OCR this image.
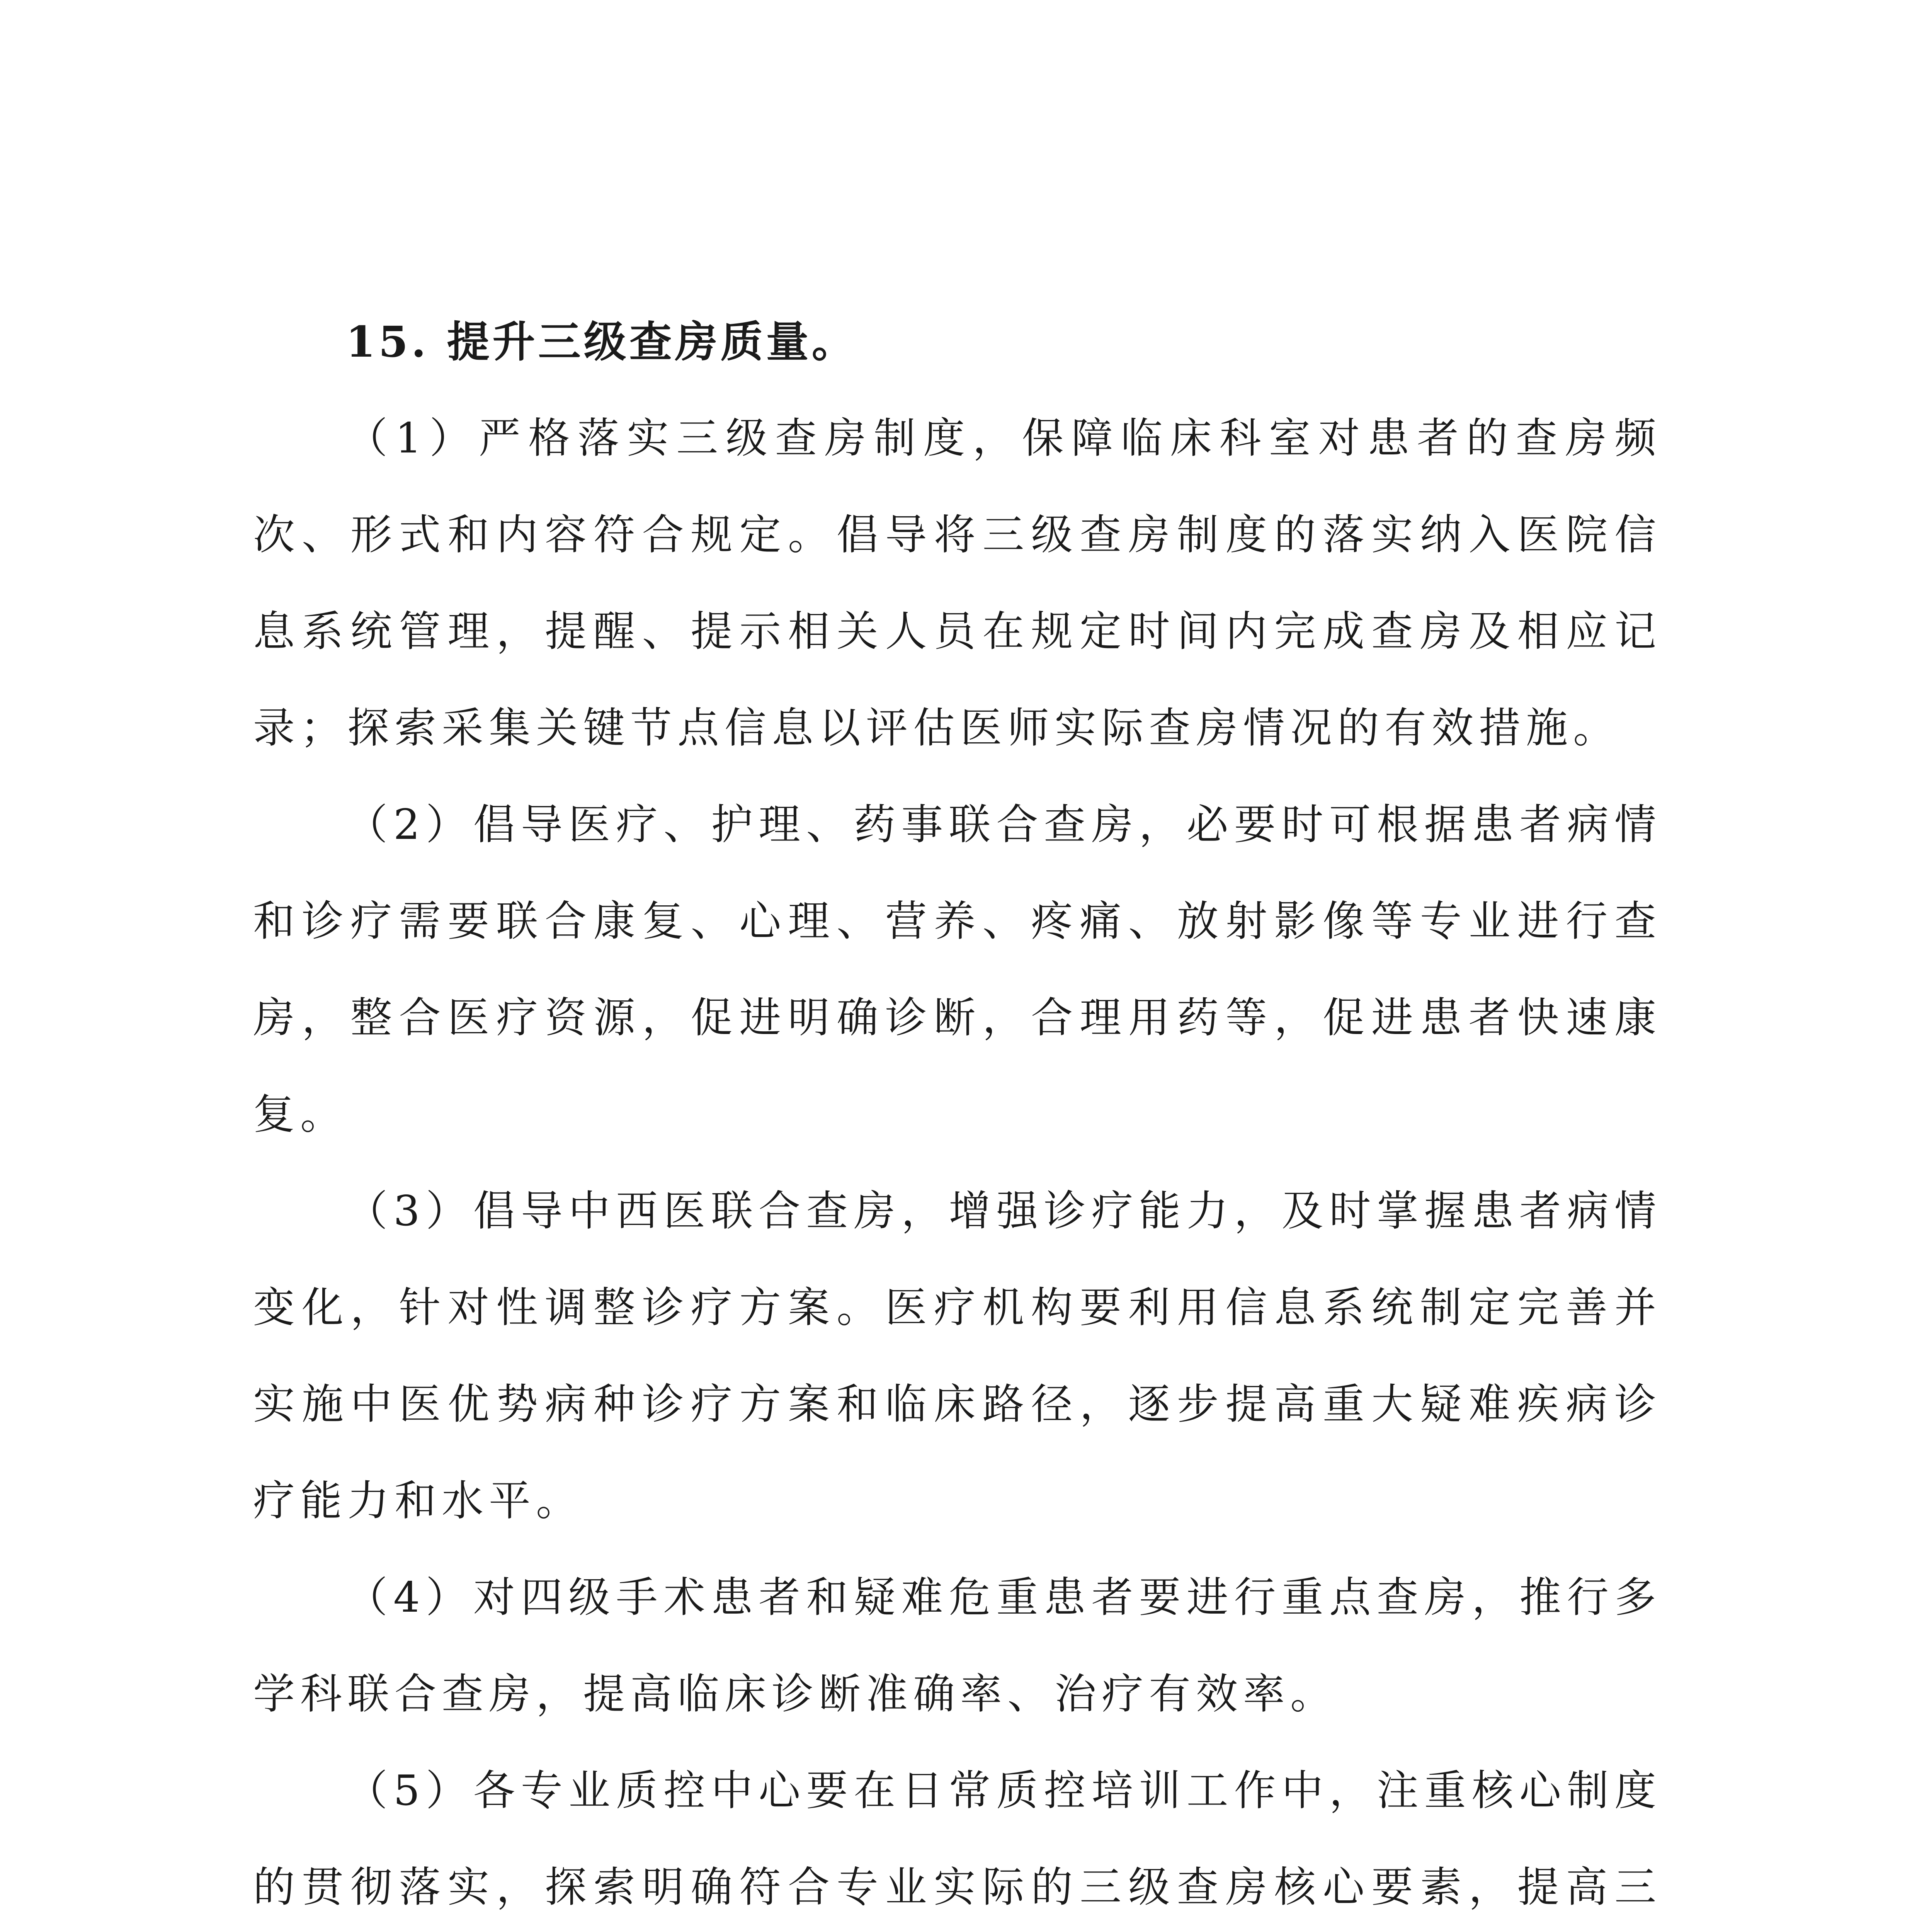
15. 提升三级查房质量。

（1）严格落实三级查房制度，保障临床科室对患者的查房频次、形式和内容符合规定。倡导将三级查房制度的落实纳入医院信息系统管理，提醒、提示相关人员在规定时间内完成查房及相应记录；探索采集关键节点信息以评估医师实际查房情况的有效措施。

（2）倡导医疗、护理、药事联合查房，必要时可根据患者病情和诊疗需要联合康复、心理、营养、疼痛、放射影像等专业进行查房，整合医疗资源，促进明确诊断，合理用药等，促进患者快速康复。

（3）倡导中西医联合查房，增强诊疗能力，及时掌握患者病情变化，针对性调整诊疗方案。医疗机构要利用信息系统制定完善并实施中医优势病种诊疗方案和临床路径，逐步提高重大疑难疾病诊疗能力和水平。

（4）对四级手术患者和疑难危重患者要进行重点查房，推行多学科联合查房，提高临床诊断准确率、治疗有效率。

（5）各专业质控中心要在日常质控培训工作中，注重核心制度的贯彻落实，探索明确符合专业实际的三级查房核心要素，提高三
